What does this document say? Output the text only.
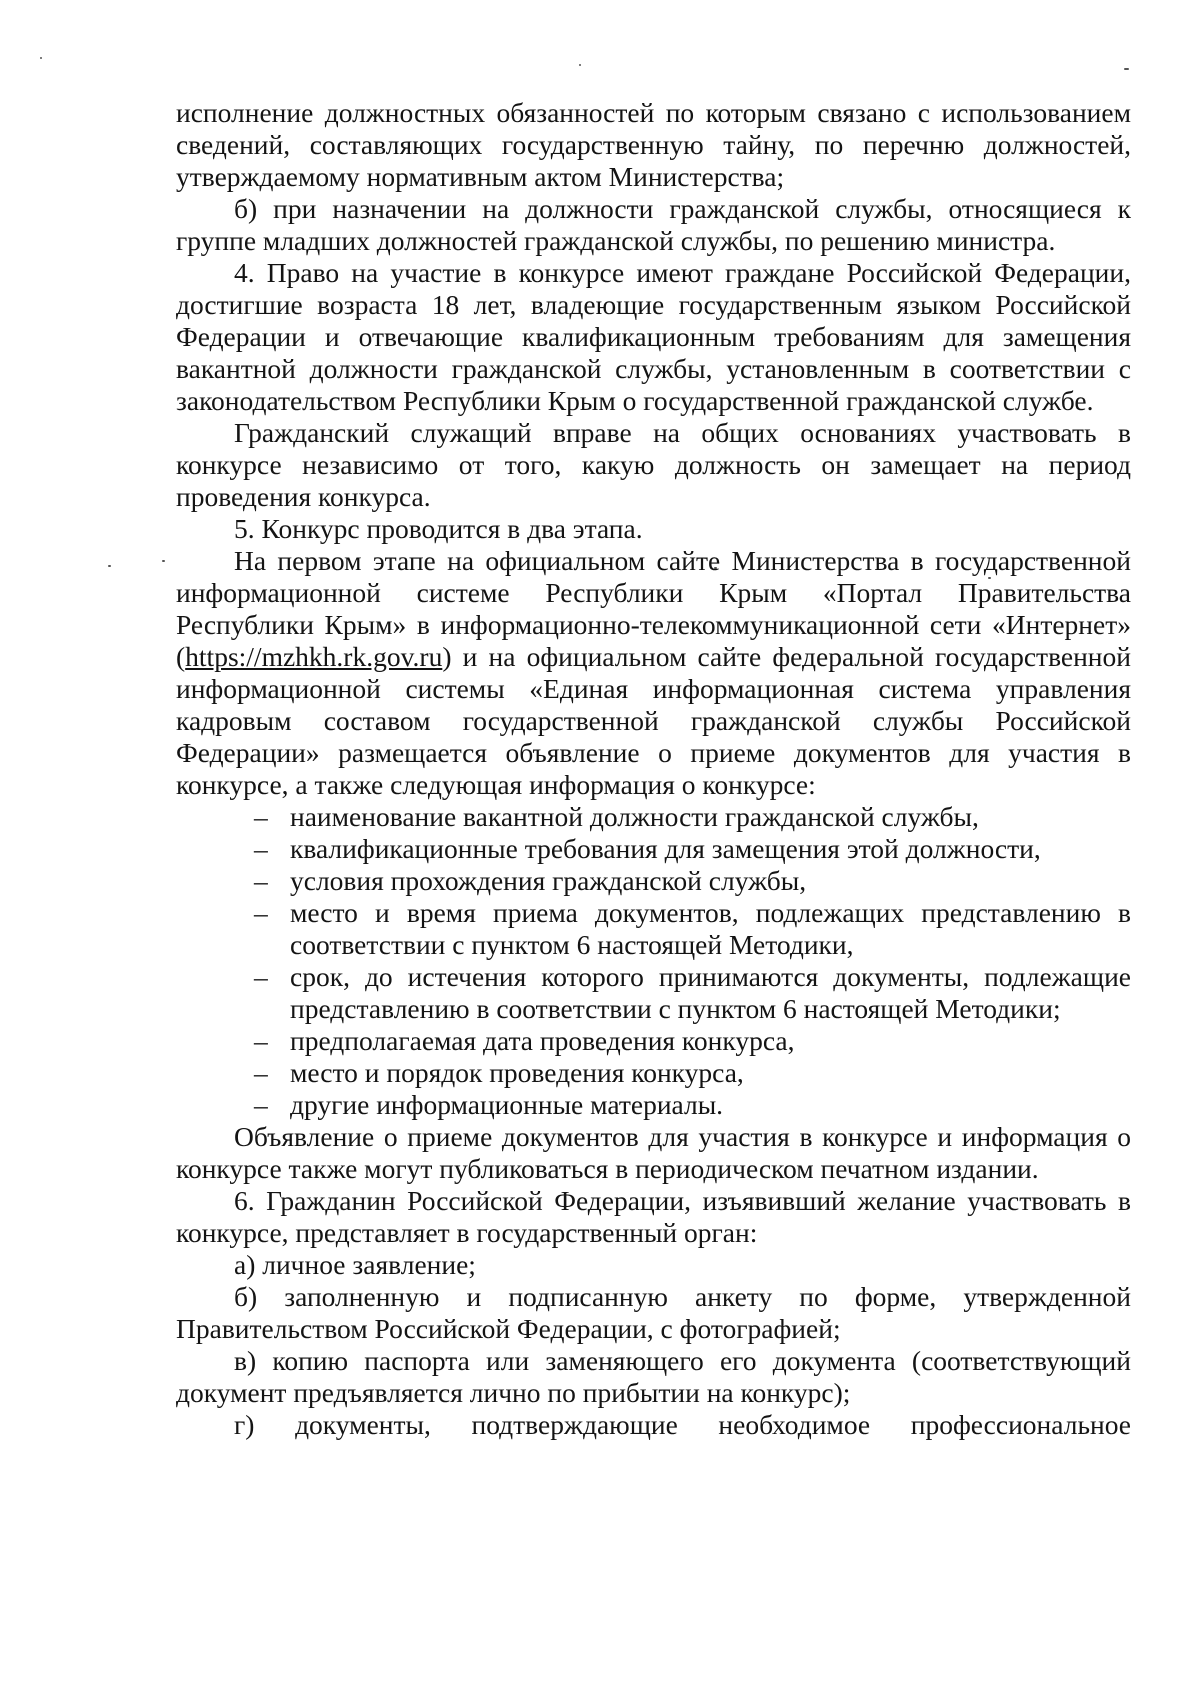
исполнение должностных обязанностей по которым связано с использованием сведений, составляющих государственную тайну, по перечню должностей, утверждаемому нормативным актом Министерства;

б) при назначении на должности гражданской службы, относящиеся к группе младших должностей гражданской службы, по решению министра.

4. Право на участие в конкурсе имеют граждане Российской Федерации, достигшие возраста 18 лет, владеющие государственным языком Российской Федерации и отвечающие квалификационным требованиям для замещения вакантной должности гражданской службы, установленным в соответствии с законодательством Республики Крым о государственной гражданской службе.

Гражданский служащий вправе на общих основаниях участвовать в конкурсе независимо от того, какую должность он замещает на период проведения конкурса.

5. Конкурс проводится в два этапа.

На первом этапе на официальном сайте Министерства в государственной информационной системе Республики Крым «Портал Правительства Республики Крым» в информационно-телекоммуникационной сети «Интернет» (https://mzhkh.rk.gov.ru) и на официальном сайте федеральной государственной информационной системы «Единая информационная система управления кадровым составом государственной гражданской службы Российской Федерации» размещается объявление о приеме документов для участия в конкурсе, а также следующая информация о конкурсе:

– наименование вакантной должности гражданской службы,
– квалификационные требования для замещения этой должности,
– условия прохождения гражданской службы,
– место и время приема документов, подлежащих представлению в соответствии с пунктом 6 настоящей Методики,
– срок, до истечения которого принимаются документы, подлежащие представлению в соответствии с пунктом 6 настоящей Методики;
– предполагаемая дата проведения конкурса,
– место и порядок проведения конкурса,
– другие информационные материалы.

Объявление о приеме документов для участия в конкурсе и информация о конкурсе также могут публиковаться в периодическом печатном издании.

6. Гражданин Российской Федерации, изъявивший желание участвовать в конкурсе, представляет в государственный орган:

а) личное заявление;

б) заполненную и подписанную анкету по форме, утвержденной Правительством Российской Федерации, с фотографией;

в) копию паспорта или заменяющего его документа (соответствующий документ предъявляется лично по прибытии на конкурс);

г) документы, подтверждающие необходимое профессиональное
